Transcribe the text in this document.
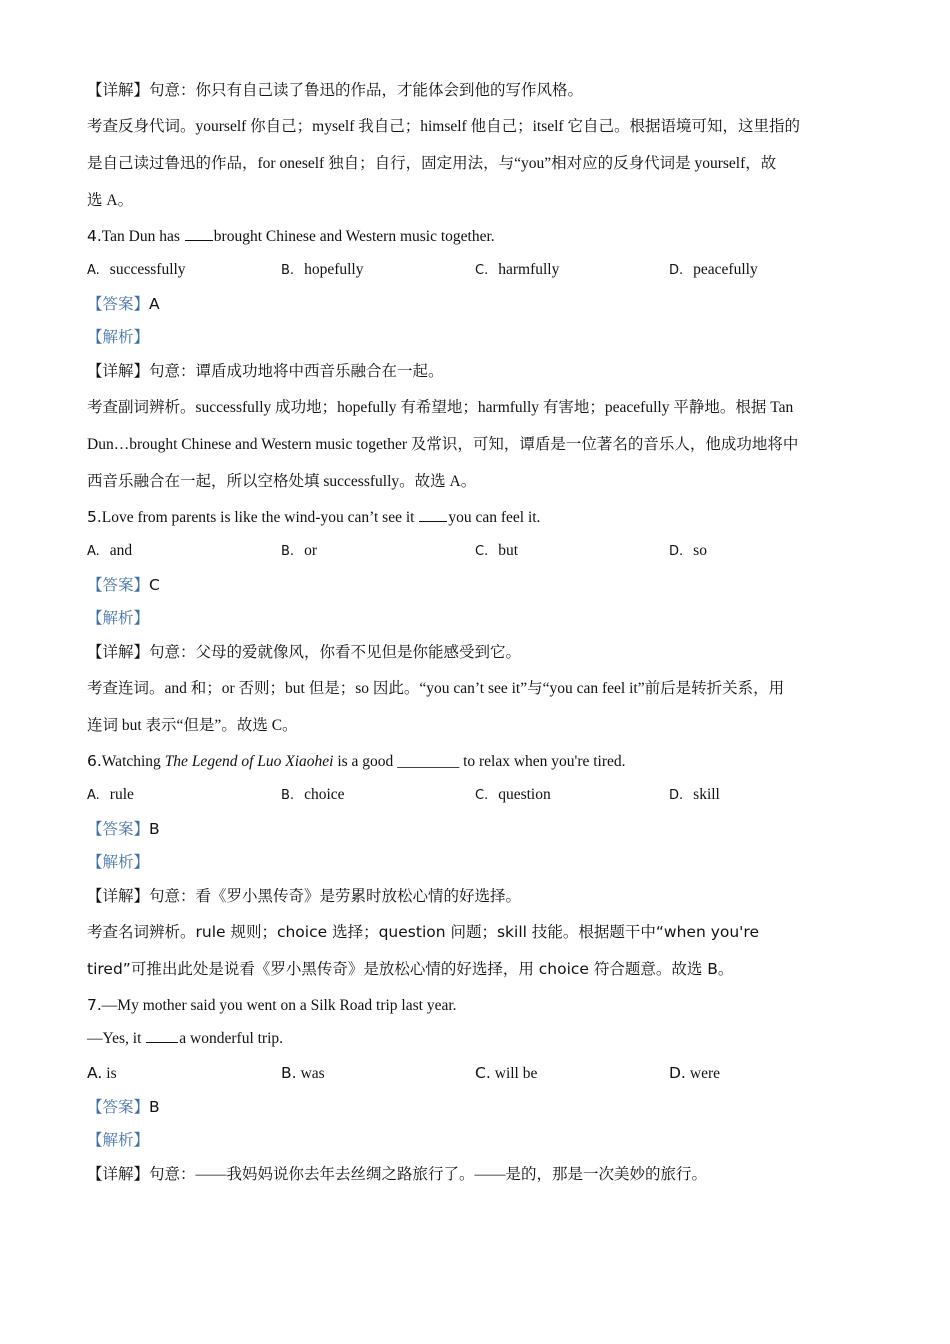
【详解】句意：你只有自己读了鲁迅的作品，才能体会到他的写作风格。
考查反身代词。yourself 你自己；myself 我自己；himself 他自己；itself 它自己。根据语境可知，这里指的
是自己读过鲁迅的作品，for oneself 独自；自行，固定用法，与“you”相对应的反身代词是 yourself，故
选 A。
4.Tan Dun has brought Chinese and Western music together.
A. successfully	B. hopefully	C. harmfully	D. peacefully
【答案】A
【解析】
【详解】句意：谭盾成功地将中西音乐融合在一起。
考查副词辨析。successfully 成功地；hopefully 有希望地；harmfully 有害地；peacefully 平静地。根据 Tan
Dun…brought Chinese and Western music together 及常识，可知，谭盾是一位著名的音乐人，他成功地将中
西音乐融合在一起，所以空格处填 successfully。故选 A。
5.Love from parents is like the wind-you can’t see it you can feel it.
A. and	B. or	C. but	D. so
【答案】C
【解析】
【详解】句意：父母的爱就像风，你看不见但是你能感受到它。
考查连词。and 和；or 否则；but 但是；so 因此。“you can’t see it”与“you can feel it”前后是转折关系，用
连词 but 表示“但是”。故选 C。
6.Watching The Legend of Luo Xiaohei is a good ________ to relax when you're tired.
A. rule	B. choice	C. question	D. skill
【答案】B
【解析】
【详解】句意：看《罗小黑传奇》是劳累时放松心情的好选择。
考查名词辨析。rule 规则；choice 选择；question 问题；skill 技能。根据题干中“when you're
tired”可推出此处是说看《罗小黑传奇》是放松心情的好选择，用 choice 符合题意。故选 B。
7.—My mother said you went on a Silk Road trip last year.
—Yes, it a wonderful trip.
A. is	B. was	C. will be	D. were
【答案】B
【解析】
【详解】句意：——我妈妈说你去年去丝绸之路旅行了。——是的，那是一次美妙的旅行。
